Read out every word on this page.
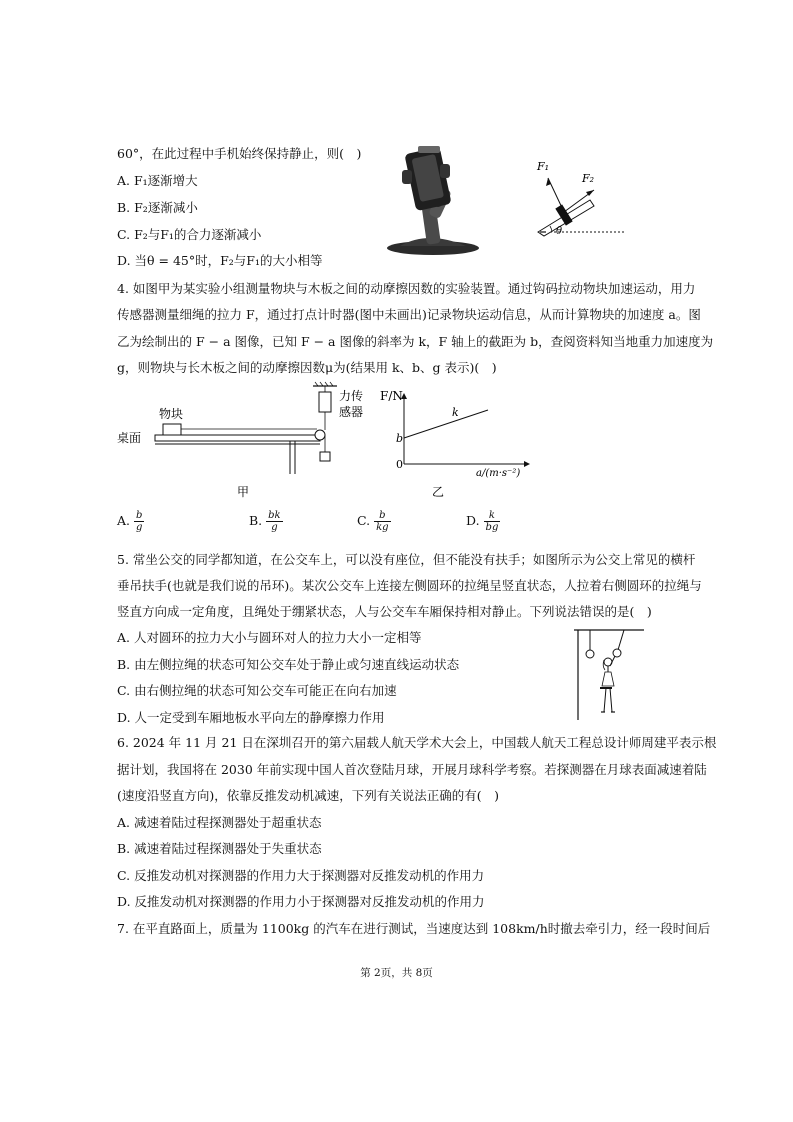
60°，在此过程中手机始终保持静止，则(　)
A. F₁逐渐增大
B. F₂逐渐减小
C. F₂与F₁的合力逐渐减小
D. 当θ = 45°时，F₂与F₁的大小相等
F₁
F₂
θ
4. 如图甲为某实验小组测量物块与木板之间的动摩擦因数的实验装置。通过钩码拉动物块加速运动，用力
传感器测量细绳的拉力 F，通过打点计时器(图中未画出)记录物块运动信息，从而计算物块的加速度 a。图
乙为绘制出的 F − a 图像，已知 F − a 图像的斜率为 k，F 轴上的截距为 b，查阅资料知当地重力加速度为
g，则物块与长木板之间的动摩擦因数μ为(结果用 k、b、g 表示)(　)
物块
桌面
力传
感器
甲
F/N
k
b
0
a/(m·s⁻²)
乙
A. $\frac{b}{g}$	B. $\frac{bk}{g}$	C. $\frac{b}{kg}$	D. $\frac{k}{bg}$
5. 常坐公交的同学都知道，在公交车上，可以没有座位，但不能没有扶手；如图所示为公交上常见的横杆
垂吊扶手(也就是我们说的吊环)。某次公交车上连接左侧圆环的拉绳呈竖直状态，人拉着右侧圆环的拉绳与
竖直方向成一定角度，且绳处于绷紧状态，人与公交车车厢保持相对静止。下列说法错误的是(　)
A. 人对圆环的拉力大小与圆环对人的拉力大小一定相等
B. 由左侧拉绳的状态可知公交车处于静止或匀速直线运动状态
C. 由右侧拉绳的状态可知公交车可能正在向右加速
D. 人一定受到车厢地板水平向左的静摩擦力作用
6. 2024 年 11 月 21 日在深圳召开的第六届载人航天学术大会上，中国载人航天工程总设计师周建平表示根
据计划，我国将在 2030 年前实现中国人首次登陆月球，开展月球科学考察。若探测器在月球表面减速着陆
(速度沿竖直方向)，依靠反推发动机减速，下列有关说法正确的有(　)
A. 减速着陆过程探测器处于超重状态
B. 减速着陆过程探测器处于失重状态
C. 反推发动机对探测器的作用力大于探测器对反推发动机的作用力
D. 反推发动机对探测器的作用力小于探测器对反推发动机的作用力
7. 在平直路面上，质量为 1100kg 的汽车在进行测试，当速度达到 108km/h时撤去牵引力，经一段时间后
第 2页，共 8页
